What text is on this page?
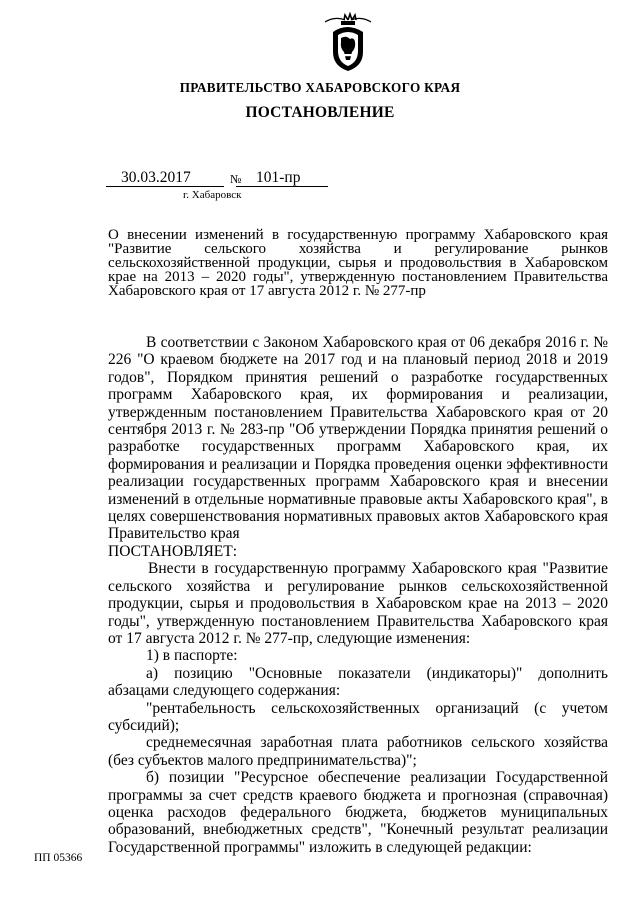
ПРАВИТЕЛЬСТВО ХАБАРОВСКОГО КРАЯ
ПОСТАНОВЛЕНИЕ
30.03.2017	№ 101-пр
г. Хабаровск

О внесении изменений в государственную программу Хабаровского края "Развитие сельского хозяйства и регулирование рынков сельскохозяйственной продукции, сырья и продовольствия в Хабаровском крае на 2013 – 2020 годы", утвержденную постановлением Правительства Хабаровского края от 17 августа 2012 г. № 277-пр

В соответствии с Законом Хабаровского края от 06 декабря 2016 г. № 226 "О краевом бюджете на 2017 год и на плановый период 2018 и 2019 годов", Порядком принятия решений о разработке государственных программ Хабаровского края, их формирования и реализации, утвержденным постановлением Правительства Хабаровского края от 20 сентября 2013 г. № 283-пр "Об утверждении Порядка принятия решений о разработке государственных программ Хабаровского края, их формирования и реализации и Порядка проведения оценки эффективности реализации государственных программ Хабаровского края и внесении изменений в отдельные нормативные правовые акты Хабаровского края", в целях совершенствования нормативных правовых актов Хабаровского края Правительство края

ПОСТАНОВЛЯЕТ:

Внести в государственную программу Хабаровского края "Развитие сельского хозяйства и регулирование рынков сельскохозяйственной продукции, сырья и продовольствия в Хабаровском крае на 2013 – 2020 годы", утвержденную постановлением Правительства Хабаровского края от 17 августа 2012 г. № 277-пр, следующие изменения:

1) в паспорте:

а) позицию "Основные показатели (индикаторы)" дополнить абзацами следующего содержания:

"рентабельность сельскохозяйственных организаций (с учетом субсидий);

среднемесячная заработная плата работников сельского хозяйства (без субъектов малого предпринимательства)";

б) позиции "Ресурсное обеспечение реализации Государственной программы за счет средств краевого бюджета и прогнозная (справочная) оценка расходов федерального бюджета, бюджетов муниципальных образований, внебюджетных средств", "Конечный результат реализации Государственной программы" изложить в следующей редакции:

ПП 05366
